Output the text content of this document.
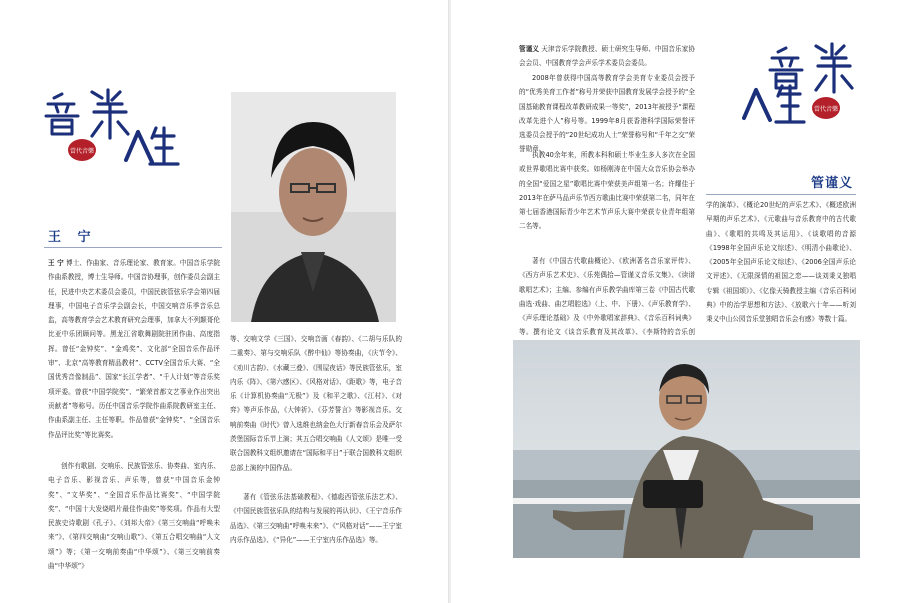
當代音樂
王 宁

王 宁 博士、作曲家、音乐理论家、教育家。中国音乐学院作曲系教授，博士生导师。中国音协理事，创作委员会副主任，民进中央艺术委员会委员，中国民族管弦乐学会第四届理事，中国电子音乐学会副会长，中国交响音乐季音乐总监，高等教育学会艺术教育研究会理事，加拿大不列颠哥伦比亚中乐团顾问等。黑龙江省歌舞剧院驻团作曲、高度指挥。曾任“金钟奖”、“金鸡奖”、文化部“全国音乐作品评审”、北京“高等教育精品教材”、CCTV全国音乐大赛、“全国优秀音像制品”、国家“长江学者”、“千人计划”等音乐奖项评委。曾获“中国学院奖”、“繁荣首都文艺事业作出突出贡献者”等称号。历任中国音乐学院作曲系院教研室主任、作曲系副主任、主任等职。作品曾获“金钟奖”、“全国音乐作品评比奖”等比赛奖。

创作有歌剧、交响乐、民族管弦乐、协奏曲、室内乐、电子音乐、影视音乐、声乐等，曾获“中国音乐金钟奖”、“文华奖”、“全国音乐作品比赛奖”、“中国学院奖”、“中国十大发烧唱片最佳作曲奖”等奖项。作品有大型民族史诗歌剧《孔子》、《刘邦大帝》《第三交响曲“呼唤未来”》、《第四交响曲“交响山歌”》、《第五合唱交响曲“人文颂”》等；《第一交响前奏曲“中华颂”》、《第三交响前奏曲“中华颂”》

等、交响文学《三国》、交响音画《春韵》、《二胡与乐队的二重奏》、第与交响乐队《醉中仙》等协奏曲，《庆节令》、《劝川古韵》、《水藏三叠》、《围屋夜话》等民族管弦乐，室内乐《阵》、《第六感区》、《风格对话》、《距歌》等，电子音乐《计算机协奏曲“无极”》及《和平之歌》、《江村》、《对弈》等声乐作品，《大钟祈》、《芬芳誓言》等影视音乐。交响前奏曲《时代》曾入选维也纳金色大厅新春音乐会及萨尔茨堡国际音乐节上演；其五合唱交响曲《人文颂》是唯一受联合国教科文组织邀请在“国际和平日”于联合国教科文组织总部上演的中国作品。

著有《管弦乐法基础教程》、《德彪西管弦乐法艺术》、《中国民族管弦乐队的结构与发展的再认识》、《王宁音乐作品选》、《第三交响曲“呼唤未来”》、《“风格对话”——王宁室内乐作品选》、《“异化”——王宁室内乐作品选》等。

管谨义 天津音乐学院教授、硕士研究生导师、中国音乐家协会会员、中国教育学会声乐学术委员会委员。

2008年曾获得中国高等教育学会美育专业委员会授予的“优秀美育工作者”称号并荣获中国教育发展学会授予的“全国基础教育课程改革教研成果一等奖”，2013年被授予“课程改革先进个人”称号等。1999年8月获香港科学国际荣誉评选委员会授予的“20世纪成功人士”荣誉称号和“千年之交”荣誉勋章。

执教40余年来，所教本科和硕士毕业生多人多次在全国或世界歌唱比赛中获奖。如杨刚涛在中国大众音乐协会举办的全国“爱国之星”歌唱比赛中荣获美声组第一名；许耀佳于2013年在萨马品声乐节西方歌曲比赛中荣获第二名，同年在第七届香港国际青少年艺术节声乐大赛中荣获专业青年组第二名等。

著有《中国古代歌曲概论》、《欧洲著名音乐家评传》、《西方声乐艺术史》、《乐苑偶拾—管谨义音乐文集》、《读谱歌唱艺术》；主编、参编有声乐教学曲库第三卷《中国古代歌曲选·戏曲、曲艺唱腔选》（上、中、下册）、《声乐教育学》、《声乐理论基础》及《中外歌唱家辞典》、《音乐百科词典》等。撰有论文《谈音乐教育及其改革》、《李斯特的音乐创

當代音樂
管谨义

学的演革》、《概论20世纪的声乐艺术》、《概述欧洲早期的声乐艺术》、《元歌曲与音乐教育中的古代歌曲》、《歌唱的共鸣及其运用》、《谈歌唱的音源《1998年全国声乐论文综述》、《明清小曲歌论》、《2005年全国声乐论文综述》、《2006全国声乐论文评述》、《无限深情的祖国之恋——谈刘秉义独唱专辑《祖国颂》》、《亿像天骑教授主编《音乐百科词典》中的治学思想和方法》、《放歌六十年——听刘秉义中山公园音乐堂独唱音乐会有感》等数十篇。
